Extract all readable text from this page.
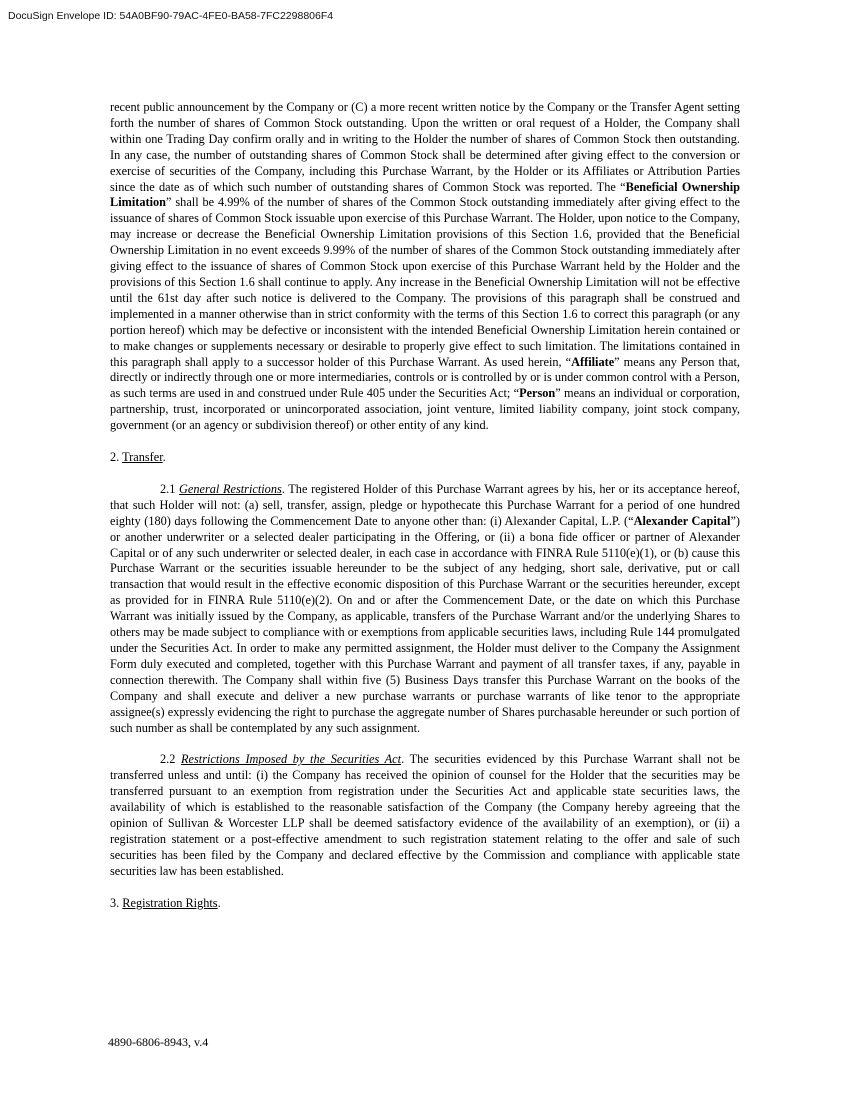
DocuSign Envelope ID: 54A0BF90-79AC-4FE0-BA58-7FC2298806F4

recent public announcement by the Company or (C) a more recent written notice by the Company or the Transfer Agent setting forth the number of shares of Common Stock outstanding. Upon the written or oral request of a Holder, the Company shall within one Trading Day confirm orally and in writing to the Holder the number of shares of Common Stock then outstanding. In any case, the number of outstanding shares of Common Stock shall be determined after giving effect to the conversion or exercise of securities of the Company, including this Purchase Warrant, by the Holder or its Affiliates or Attribution Parties since the date as of which such number of outstanding shares of Common Stock was reported. The “Beneficial Ownership Limitation” shall be 4.99% of the number of shares of the Common Stock outstanding immediately after giving effect to the issuance of shares of Common Stock issuable upon exercise of this Purchase Warrant. The Holder, upon notice to the Company, may increase or decrease the Beneficial Ownership Limitation provisions of this Section 1.6, provided that the Beneficial Ownership Limitation in no event exceeds 9.99% of the number of shares of the Common Stock outstanding immediately after giving effect to the issuance of shares of Common Stock upon exercise of this Purchase Warrant held by the Holder and the provisions of this Section 1.6 shall continue to apply. Any increase in the Beneficial Ownership Limitation will not be effective until the 61st day after such notice is delivered to the Company. The provisions of this paragraph shall be construed and implemented in a manner otherwise than in strict conformity with the terms of this Section 1.6 to correct this paragraph (or any portion hereof) which may be defective or inconsistent with the intended Beneficial Ownership Limitation herein contained or to make changes or supplements necessary or desirable to properly give effect to such limitation. The limitations contained in this paragraph shall apply to a successor holder of this Purchase Warrant. As used herein, “Affiliate” means any Person that, directly or indirectly through one or more intermediaries, controls or is controlled by or is under common control with a Person, as such terms are used in and construed under Rule 405 under the Securities Act; “Person” means an individual or corporation, partnership, trust, incorporated or unincorporated association, joint venture, limited liability company, joint stock company, government (or an agency or subdivision thereof) or other entity of any kind.

2. Transfer.

2.1 General Restrictions. The registered Holder of this Purchase Warrant agrees by his, her or its acceptance hereof, that such Holder will not: (a) sell, transfer, assign, pledge or hypothecate this Purchase Warrant for a period of one hundred eighty (180) days following the Commencement Date to anyone other than: (i) Alexander Capital, L.P. (“Alexander Capital”) or another underwriter or a selected dealer participating in the Offering, or (ii) a bona fide officer or partner of Alexander Capital or of any such underwriter or selected dealer, in each case in accordance with FINRA Rule 5110(e)(1), or (b) cause this Purchase Warrant or the securities issuable hereunder to be the subject of any hedging, short sale, derivative, put or call transaction that would result in the effective economic disposition of this Purchase Warrant or the securities hereunder, except as provided for in FINRA Rule 5110(e)(2). On and or after the Commencement Date, or the date on which this Purchase Warrant was initially issued by the Company, as applicable, transfers of the Purchase Warrant and/or the underlying Shares to others may be made subject to compliance with or exemptions from applicable securities laws, including Rule 144 promulgated under the Securities Act. In order to make any permitted assignment, the Holder must deliver to the Company the Assignment Form duly executed and completed, together with this Purchase Warrant and payment of all transfer taxes, if any, payable in connection therewith. The Company shall within five (5) Business Days transfer this Purchase Warrant on the books of the Company and shall execute and deliver a new purchase warrants or purchase warrants of like tenor to the appropriate assignee(s) expressly evidencing the right to purchase the aggregate number of Shares purchasable hereunder or such portion of such number as shall be contemplated by any such assignment.

2.2 Restrictions Imposed by the Securities Act. The securities evidenced by this Purchase Warrant shall not be transferred unless and until: (i) the Company has received the opinion of counsel for the Holder that the securities may be transferred pursuant to an exemption from registration under the Securities Act and applicable state securities laws, the availability of which is established to the reasonable satisfaction of the Company (the Company hereby agreeing that the opinion of Sullivan & Worcester LLP shall be deemed satisfactory evidence of the availability of an exemption), or (ii) a registration statement or a post-effective amendment to such registration statement relating to the offer and sale of such securities has been filed by the Company and declared effective by the Commission and compliance with applicable state securities law has been established.

3. Registration Rights.

4890-6806-8943, v.4
